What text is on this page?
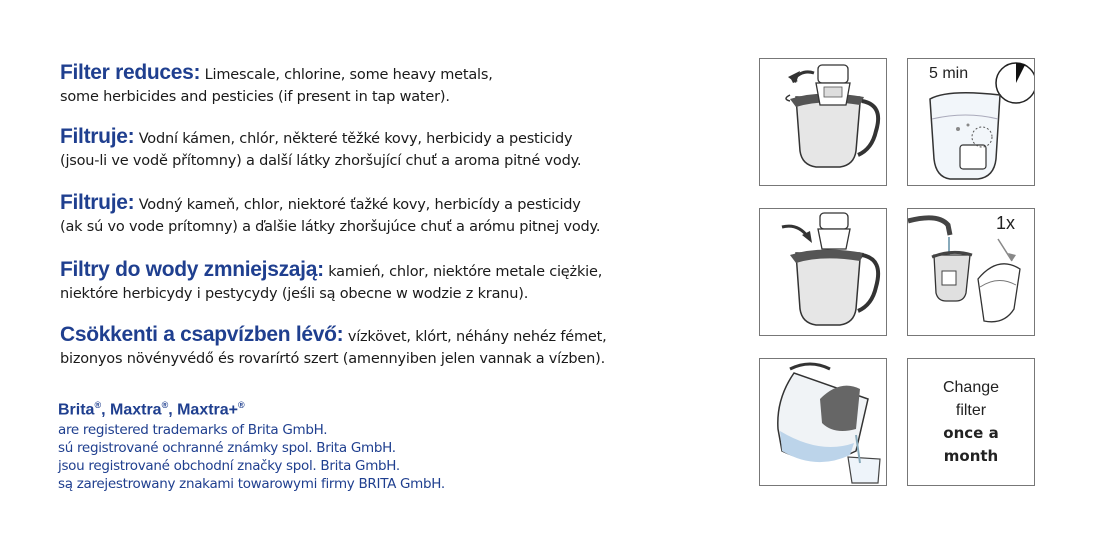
Filter reduces: Limescale, chlorine, some heavy metals,
some herbicides and pesticies (if present in tap water).
Filtruje: Vodní kámen, chlór, některé těžké kovy, herbicidy a pesticidy
(jsou-li ve vodě přítomny) a další látky zhoršující chuť a aroma pitné vody.
Filtruje: Vodný kameň, chlor, niektoré ťažké kovy, herbicídy a pesticidy
(ak sú vo vode prítomny) a ďalšie látky zhoršujúce chuť a arómu pitnej vody.
Filtry do wody zmniejszają: kamień, chlor, niektóre metale ciężkie,
niektóre herbicydy i pestycydy (jeśli są obecne w wodzie z kranu).
Csökkenti a csapvízben lévő: vízkövet, klórt, néhány nehéz fémet,
bizonyos növényvédő és rovarírtó szert (amennyiben jelen vannak a vízben).
Brita®, Maxtra®, Maxtra+®
are registered trademarks of Brita GmbH.
sú registrované ochranné známky spol. Brita GmbH.
jsou registrované obchodní značky spol. Brita GmbH.
są zarejestrowany znakami towarowymi firmy BRITA GmbH.
5 min
1x
Change
filter
once a
month
